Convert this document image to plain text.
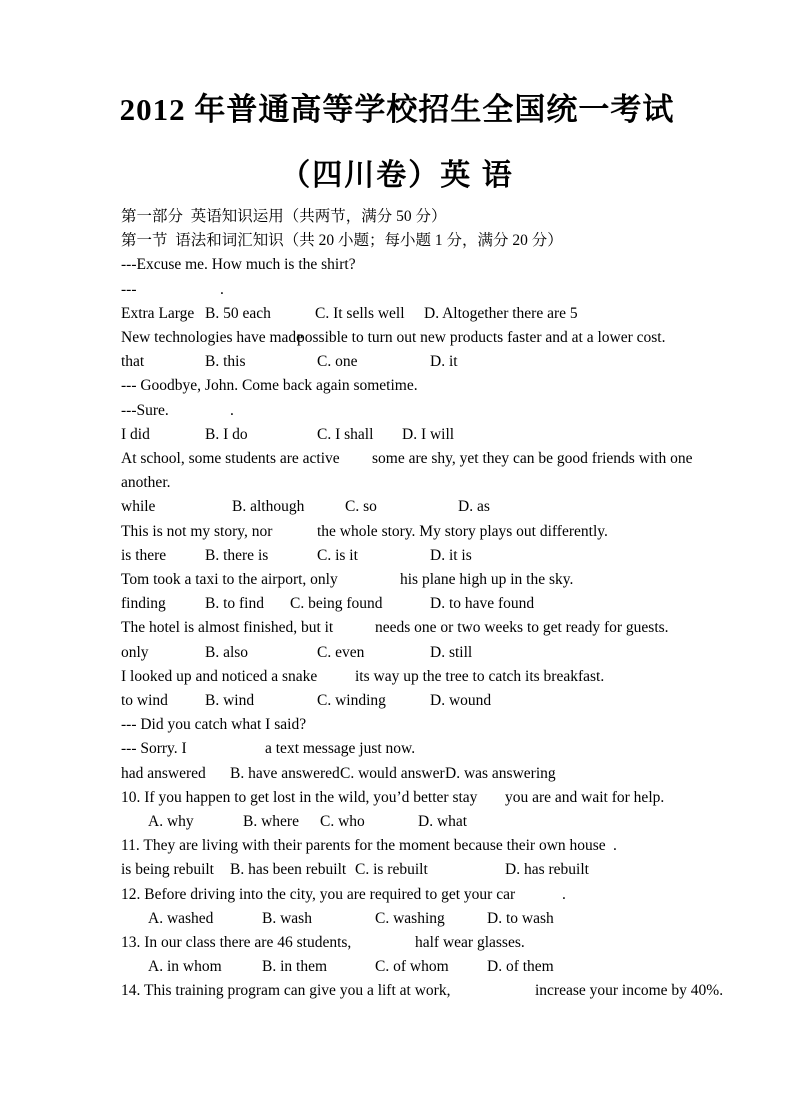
2012 年普通高等学校招生全国统一考试
（四川卷）英 语
第一部分  英语知识运用（共两节，满分 50 分）
第一节  语法和词汇知识（共 20 小题；每小题 1 分，满分 20 分）
---Excuse me. How much is the shirt?
---	.
Extra Large B. 50 each	C. It sells well D. Altogether there are 5
New technologies have made
possible to turn out new products faster and at a lower cost.
that	B. this	C. one	D. it
--- Goodbye, John. Come back again sometime.
---Sure.	.
I did	B. I do	C. I shall D. I will
At school, some students are active some are shy, yet they can be good friends with one
another.
while	B. although	C. so	D. as
This is not my story, nor	the whole story. My story plays out differently.
is there	B. there is	C. is it	D. it is
Tom took a taxi to the airport, only	his plane high up in the sky.
finding	B. to find C. being found	D. to have found
The hotel is almost finished, but it	needs one or two weeks to get ready for guests.
only	B. also	C. even	D. still
I looked up and noticed a snake its way up the tree to catch its breakfast.
to wind B. wind	C. winding	D. wound
--- Did you catch what I said?
--- Sorry. I	a text message just now.
had answered B. have answered C. would answer D. was answering
10. If you happen to get lost in the wild, you’d better stay you are and wait for help.
A. why	B. where C. who	D. what
11. They are living with their parents for the moment because their own house .
is being rebuilt B. has been rebuilt C. is rebuilt	D. has rebuilt
12. Before driving into the city, you are required to get your car	.
A. washed	B. wash	C. washing	D. to wash
13. In our class there are 46 students,	half wear glasses.
A. in whom	B. in them	C. of whom D. of them
14. This training program can give you a lift at work,	increase your income by 40%.
